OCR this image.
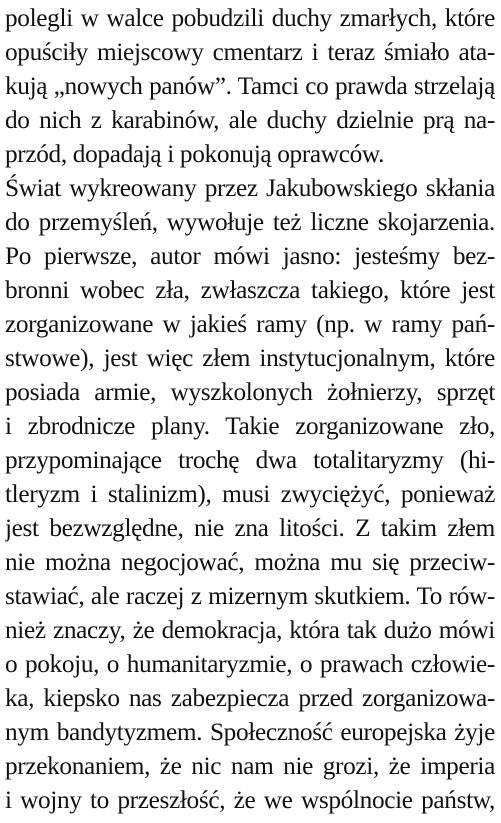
polegli w walce pobudzili duchy zmarłych, które
opuściły miejscowy cmentarz i teraz śmiało ata-
kują „nowych panów”. Tamci co prawda strzelają
do nich z karabinów, ale duchy dzielnie prą na-
przód, dopadają i pokonują oprawców.
Świat wykreowany przez Jakubowskiego skłania
do przemyśleń, wywołuje też liczne skojarzenia.
Po pierwsze, autor mówi jasno: jesteśmy bez-
bronni wobec zła, zwłaszcza takiego, które jest
zorganizowane w jakieś ramy (np. w ramy pań-
stwowe), jest więc złem instytucjonalnym, które
posiada armie, wyszkolonych żołnierzy, sprzęt
i zbrodnicze plany. Takie zorganizowane zło,
przypominające trochę dwa totalitaryzmy (hi-
tleryzm i stalinizm), musi zwyciężyć, ponieważ
jest bezwzględne, nie zna litości. Z takim złem
nie można negocjować, można mu się przeciw-
stawiać, ale raczej z mizernym skutkiem. To rów-
nież znaczy, że demokracja, która tak dużo mówi
o pokoju, o humanitaryzmie, o prawach człowie-
ka, kiepsko nas zabezpiecza przed zorganizowa-
nym bandytyzmem. Społeczność europejska żyje
przekonaniem, że nic nam nie grozi, że imperia
i wojny to przeszłość, że we wspólnocie państw,
